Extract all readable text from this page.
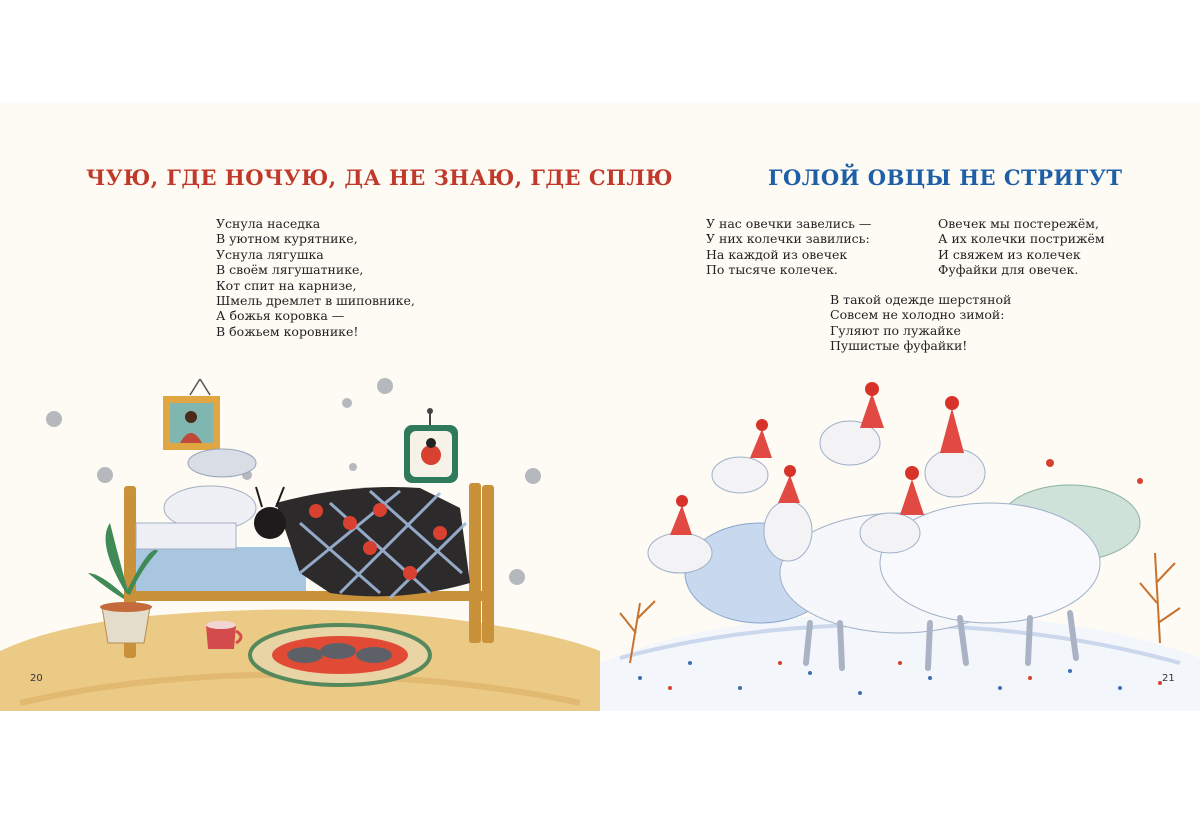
ЧУЮ, ГДЕ НОЧУЮ, ДА НЕ ЗНАЮ, ГДЕ СПЛЮ
Уснула наседка
В уютном курятнике,
Уснула лягушка
В своём лягушатнике,
Кот спит на карнизе,
Шмель дремлет в шиповнике,
А божья коровка —
В божьем коровнике!
20
ГОЛОЙ ОВЦЫ НЕ СТРИГУТ
У нас овечки завелись —
У них колечки завились:
На каждой из овечек
По тысяче колечек.
Овечек мы постережём,
А их колечки пострижём
И свяжем из колечек
Фуфайки для овечек.
В такой одежде шерстяной
Совсем не холодно зимой:
Гуляют по лужайке
Пушистые фуфайки!
21
